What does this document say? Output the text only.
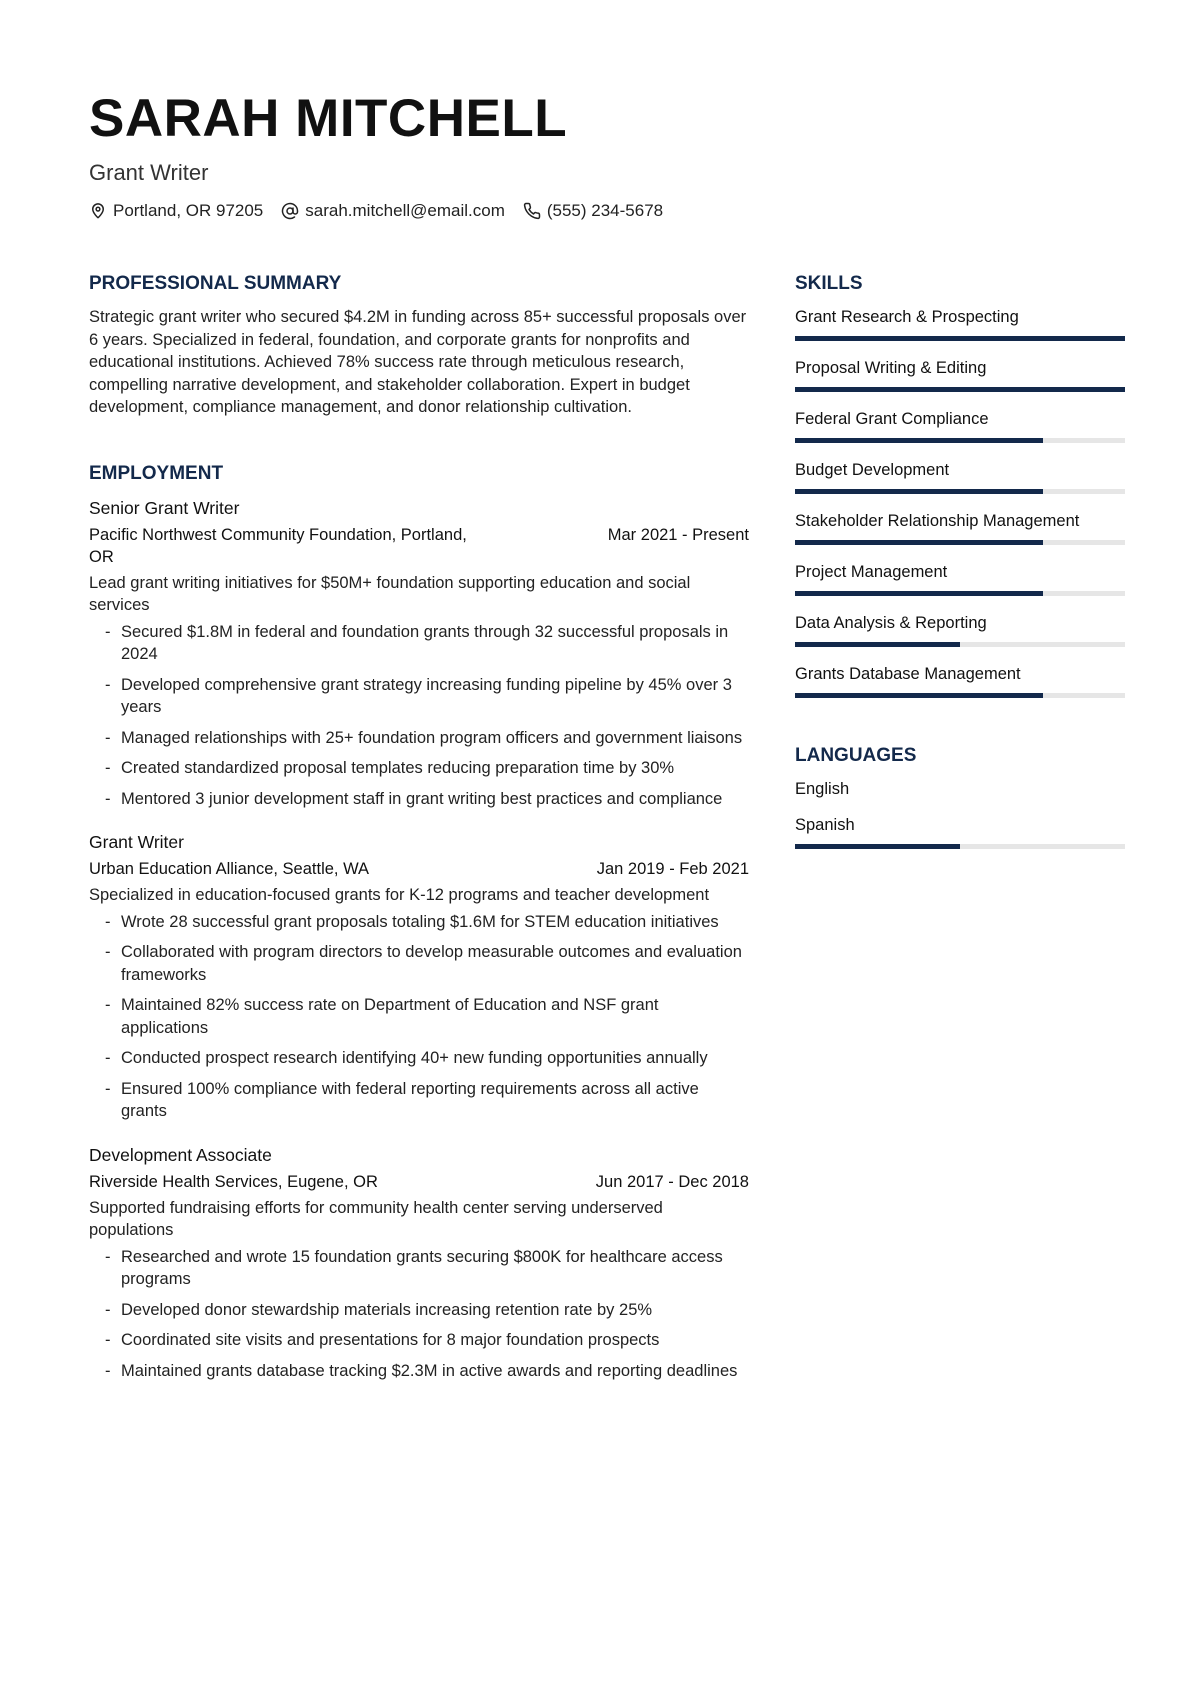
SARAH MITCHELL
Grant Writer
Portland, OR 97205 sarah.mitchell@email.com (555) 234-5678
PROFESSIONAL SUMMARY

Strategic grant writer who secured $4.2M in funding across 85+ successful proposals over 6 years. Specialized in federal, foundation, and corporate grants for nonprofits and educational institutions. Achieved 78% success rate through meticulous research, compelling narrative development, and stakeholder collaboration. Expert in budget development, compliance management, and donor relationship cultivation.

EMPLOYMENT
Senior Grant Writer
Pacific Northwest Community Foundation, Portland, OR
Mar 2021 - Present

Lead grant writing initiatives for $50M+ foundation supporting education and social services

- Secured $1.8M in federal and foundation grants through 32 successful proposals in 2024
- Developed comprehensive grant strategy increasing funding pipeline by 45% over 3 years
- Managed relationships with 25+ foundation program officers and government liaisons
- Created standardized proposal templates reducing preparation time by 30%
- Mentored 3 junior development staff in grant writing best practices and compliance
Grant Writer
Urban Education Alliance, Seattle, WA	Jan 2019 - Feb 2021

Specialized in education-focused grants for K-12 programs and teacher development

- Wrote 28 successful grant proposals totaling $1.6M for STEM education initiatives
- Collaborated with program directors to develop measurable outcomes and evaluation frameworks
- Maintained 82% success rate on Department of Education and NSF grant applications
- Conducted prospect research identifying 40+ new funding opportunities annually
- Ensured 100% compliance with federal reporting requirements across all active grants
Development Associate
Riverside Health Services, Eugene, OR	Jun 2017 - Dec 2018

Supported fundraising efforts for community health center serving underserved populations

- Researched and wrote 15 foundation grants securing $800K for healthcare access programs
- Developed donor stewardship materials increasing retention rate by 25%
- Coordinated site visits and presentations for 8 major foundation prospects
- Maintained grants database tracking $2.3M in active awards and reporting deadlines
SKILLS
Grant Research & Prospecting
Proposal Writing & Editing
Federal Grant Compliance
Budget Development
Stakeholder Relationship Management
Project Management
Data Analysis & Reporting
Grants Database Management
LANGUAGES
English
Spanish
